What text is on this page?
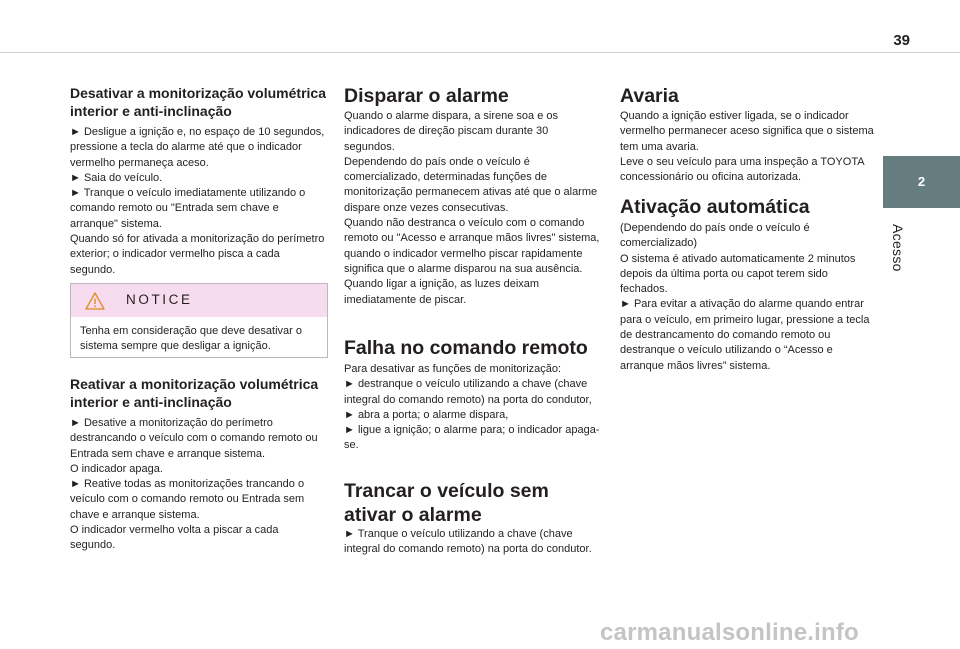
39
2
Acesso
Desativar a monitorização volumétrica interior e anti-inclinação
► Desligue a ignição e, no espaço de 10 segundos, pressione a tecla do alarme até que o indicador vermelho permaneça aceso.
► Saia do veículo.
► Tranque o veículo imediatamente utilizando o comando remoto ou "Entrada sem chave e arranque" sistema.
Quando só for ativada a monitorização do perímetro exterior; o indicador vermelho pisca a cada segundo.
Reativar a monitorização volumétrica interior e anti-inclinação
► Desative a monitorização do perímetro destrancando o veículo com o comando remoto ou Entrada sem chave e arranque sistema.
O indicador apaga.
► Reative todas as monitorizações trancando o veículo com o comando remoto ou Entrada sem chave e arranque sistema.
O indicador vermelho volta a piscar a cada segundo.
NOTICE
Tenha em consideração que deve desativar o sistema sempre que desligar a ignição.
Disparar o alarme
Quando o alarme dispara, a sirene soa e os indicadores de direção piscam durante 30 segundos.
Dependendo do país onde o veículo é comercializado, determinadas funções de monitorização permanecem ativas até que o alarme dispare onze vezes consecutivas.
Quando não destranca o veículo com o comando remoto ou "Acesso e arranque mãos livres" sistema, quando o indicador vermelho piscar rapidamente significa que o alarme disparou na sua ausência. Quando ligar a ignição, as luzes deixam imediatamente de piscar.
Falha no comando remoto
Para desativar as funções de monitorização:
► destranque o veículo utilizando a chave (chave integral do comando remoto) na porta do condutor,
► abra a porta; o alarme dispara,
► ligue a ignição; o alarme para; o indicador apaga-se.
Trancar o veículo sem ativar o alarme
► Tranque o veículo utilizando a chave (chave integral do comando remoto) na porta do condutor.
Avaria
Quando a ignição estiver ligada, se o indicador vermelho permanecer aceso significa que o sistema tem uma avaria.
Leve o seu veículo para uma inspeção a TOYOTA concessionário ou oficina autorizada.
Ativação automática
(Dependendo do país onde o veículo é comercializado)
O sistema é ativado automaticamente 2 minutos depois da última porta ou capot terem sido fechados.
► Para evitar a ativação do alarme quando entrar para o veículo, em primeiro lugar, pressione a tecla de destrancamento do comando remoto ou destranque o veículo utilizando o “Acesso e arranque mãos livres” sistema.
carmanualsonline.info
